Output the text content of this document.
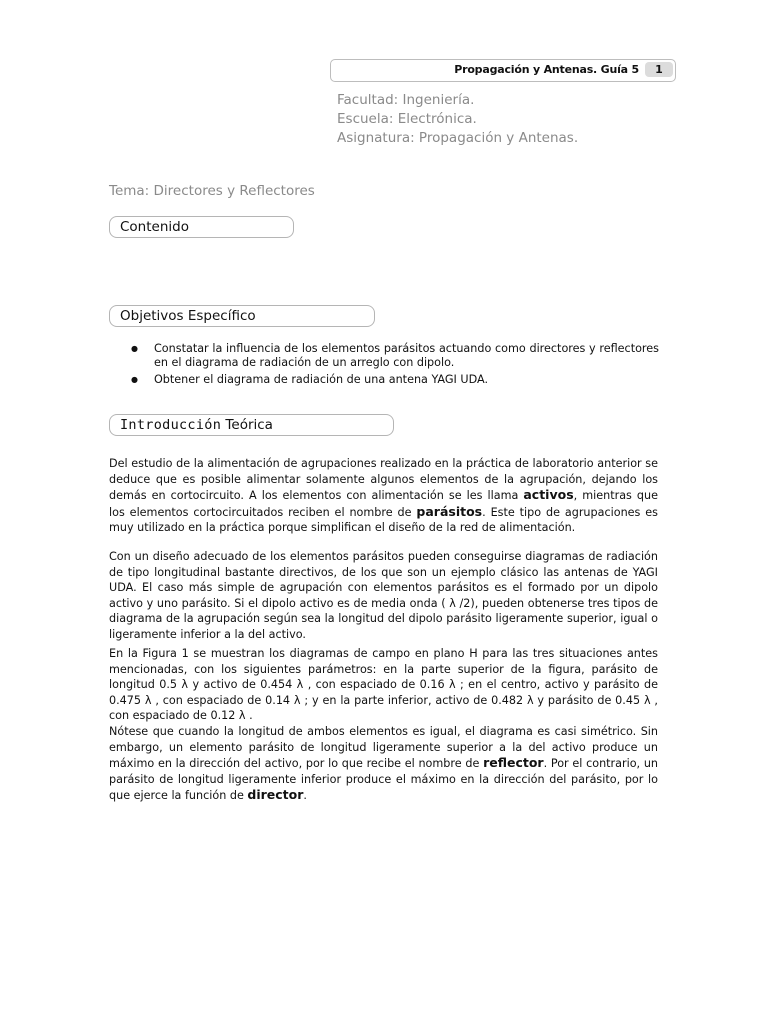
Propagación y Antenas. Guía 5	1
Facultad: Ingeniería.
Escuela: Electrónica.
Asignatura: Propagación y Antenas.
Tema: Directores y Reflectores
Contenido
Objetivos Específico
● Constatar la influencia de los elementos parásitos actuando como directores y reflectores en el diagrama de radiación de un arreglo con dipolo.
● Obtener el diagrama de radiación de una antena YAGI UDA.
Introducción Teórica

Del estudio de la alimentación de agrupaciones realizado en la práctica de laboratorio anterior se deduce que es posible alimentar solamente algunos elementos de la agrupación, dejando los demás en cortocircuito. A los elementos con alimentación se les llama activos, mientras que los elementos cortocircuitados reciben el nombre de parásitos. Este tipo de agrupaciones es muy utilizado en la práctica porque simplifican el diseño de la red de alimentación.

Con un diseño adecuado de los elementos parásitos pueden conseguirse diagramas de radiación de tipo longitudinal bastante directivos, de los que son un ejemplo clásico las antenas de YAGI UDA. El caso más simple de agrupación con elementos parásitos es el formado por un dipolo activo y uno parásito. Si el dipolo activo es de media onda ( λ /2), pueden obtenerse tres tipos de diagrama de la agrupación según sea la longitud del dipolo parásito ligeramente superior, igual o ligeramente inferior a la del activo.

En la Figura 1 se muestran los diagramas de campo en plano H para las tres situaciones antes mencionadas, con los siguientes parámetros: en la parte superior de la figura, parásito de longitud 0.5 λ y activo de 0.454 λ , con espaciado de 0.16 λ ; en el centro, activo y parásito de 0.475 λ , con espaciado de 0.14 λ ; y en la parte inferior, activo de 0.482 λ y parásito de 0.45 λ , con espaciado de 0.12 λ .

Nótese que cuando la longitud de ambos elementos es igual, el diagrama es casi simétrico. Sin embargo, un elemento parásito de longitud ligeramente superior a la del activo produce un máximo en la dirección del activo, por lo que recibe el nombre de reflector. Por el contrario, un parásito de longitud ligeramente inferior produce el máximo en la dirección del parásito, por lo que ejerce la función de director.
